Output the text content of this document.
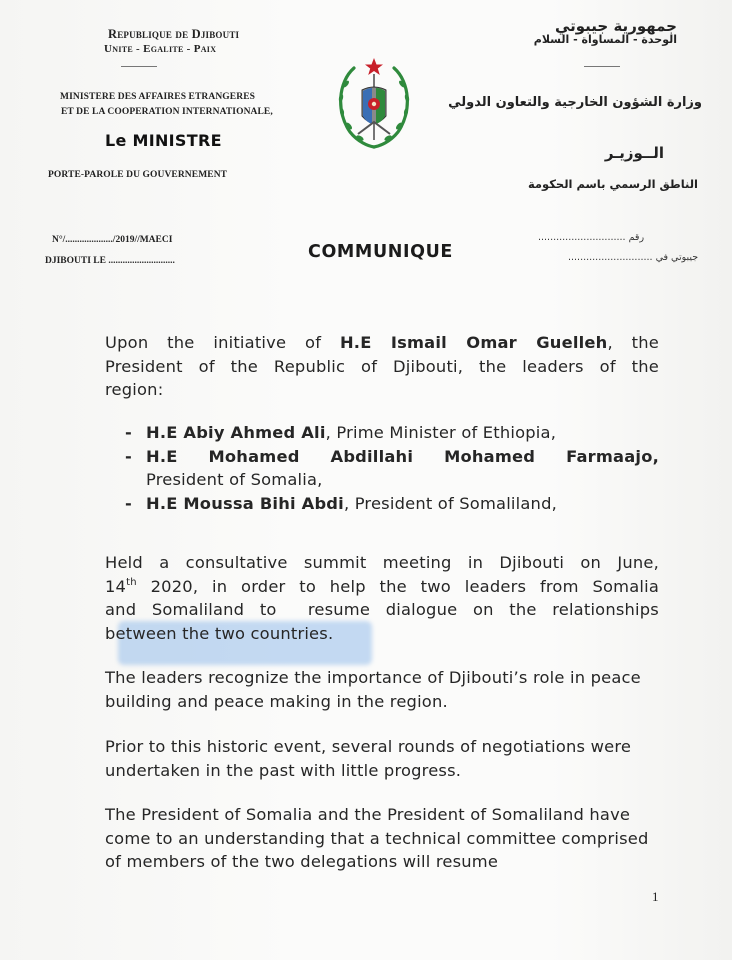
Republique de Djibouti
Unite - Egalite - Paix
MINISTERE DES AFFAIRES ETRANGERES
ET DE LA COOPERATION INTERNATIONALE,
Le MINISTRE
PORTE-PAROLE DU GOUVERNEMENT
جمهورية جيبوتي
الوحدة - المساواة - السلام
وزارة الشؤون الخارجية والتعاون الدولي
الــوزيـر
الناطق الرسمي باسم الحكومة
N°/..................../2019//MAECI
DJIBOUTI LE ............................	COMMUNIQUE
............................. رقم
............................ جيبوتي في
Upon the initiative of H.E Ismail Omar Guelleh, the
President of the Republic of Djibouti, the leaders of the
region:
- H.E Abiy Ahmed Ali, Prime Minister of Ethiopia,
- H.E Mohamed Abdillahi Mohamed Farmaajo,
President of Somalia,
- H.E Moussa Bihi Abdi, President of Somaliland,
Held a consultative summit meeting in Djibouti on June,
14th 2020, in order to help the two leaders from Somalia
and Somaliland to  resume dialogue on the relationships
between the two countries.
The leaders recognize the importance of Djibouti’s role in peace building and peace making in the region.
Prior to this historic event, several rounds of negotiations were undertaken in the past with little progress.
The President of Somalia and the President of Somaliland have come to an understanding that a technical committee comprised of members of the two delegations will resume
1
